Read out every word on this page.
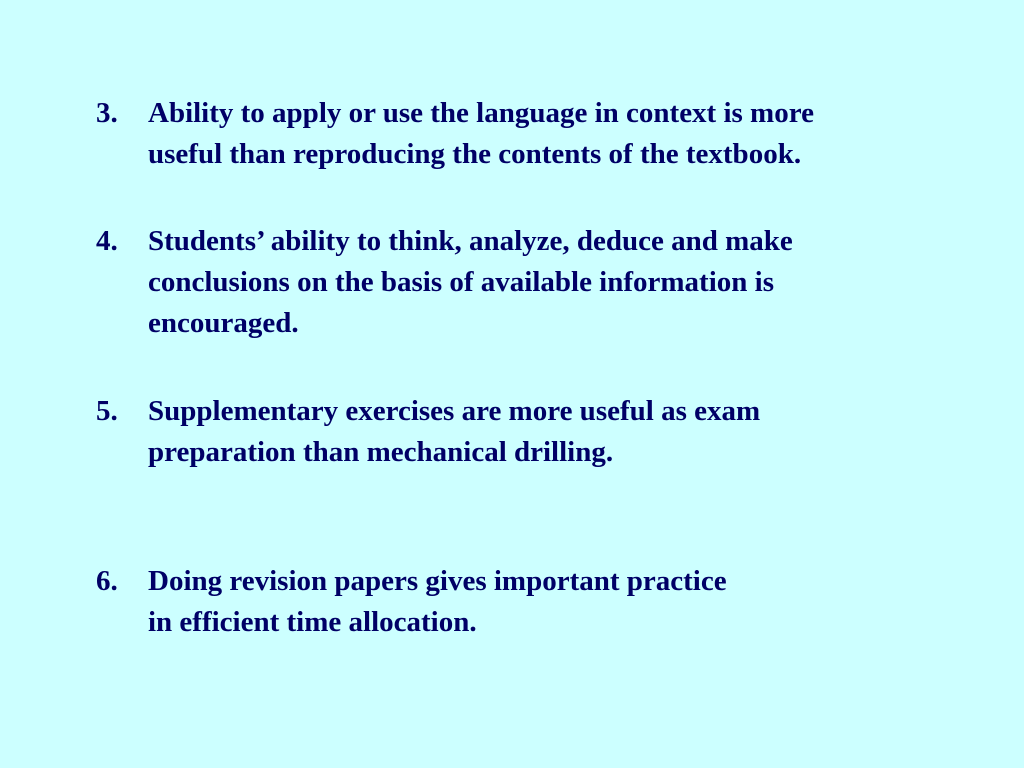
3. Ability to apply or use the language in context is more
useful than reproducing the contents of the textbook.
4. Students’ ability to think, analyze, deduce and make
conclusions on the basis of available information is
encouraged.
5. Supplementary exercises are more useful as exam
preparation than mechanical drilling.
6. Doing revision papers gives important practice
in efficient time allocation.
